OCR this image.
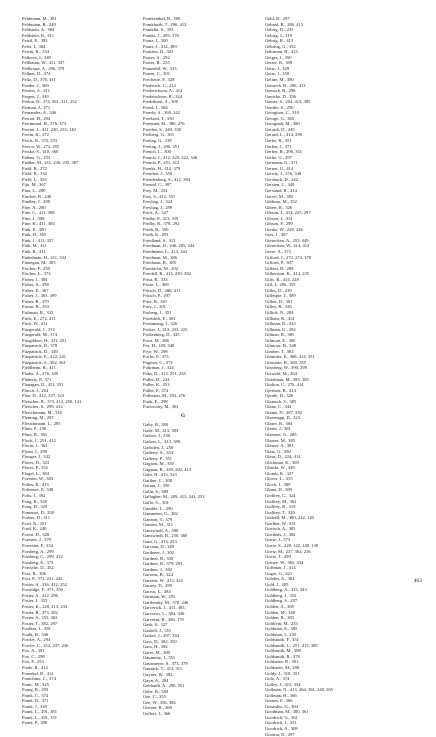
Feldmann, M., 381
Feldmann, R., 249
Feldstein, A., 384
Feldstein, R., 411
Feistl, E., 383
Felix, I., 384
Feicht, R., 334
Felkova, J., 349
Fellbaum, W., 411, 337
Fellhouse, A., 296, 379
Fellner, D., 374
Feltz, D., 370, 411
Fender, J., 300
Fenton, A., 411
Fergen, J., 349
Ferkin, D., 374, 361, 411, 252
Ferman, J., 271
Fernandes, A., 346
Ferrari, H., 294
Ferrimond, H., 376, 373
Ferrini, J., 411, 230, 233, 140
Ferrin, K., 372
Ferris, R., 372, 253
Fervor, W., 272, 255
Fetsko, S., 410, 360
Fidene, G., 253
Fiedler, M., 411, 236, 235, 387
Field, B., 272
Field, B., 332
Field, L., 353
Fiju, M., 367
Fina, L., 280
Fincher, B., 246
Findley, J., 298
Fine, A., 280
Fine, C., 411, 308
Fine, J., 308
Fine, K., 411, 383
Fink, E., 380
Fink, H., 365
Fink, J., 411, 337
Fink, M., 411
Fink, R., 411
Finkelman, H., 411, 332
Finnegan, M., 385
Fischer, F., 250
Fischer, L., 373
Fisher, J., 384
Fisher, A., 298
Fisher, E., 367
Fisher, J., 365, 399
Fisher, R., 370
Fiston, B., 353
Fishman, R., 332
Fitch, E., 272, 411
Fitch, W., 411
Fitzgerald, J., 374
Fitzgerald, M., 374
Fitzgibbon, H., 411, 251
Fitzpatrick, B., 378
Fitzpatrick, D., 349
Fitzpatrick, E., 222, 241
Fitzpatrick, S., 302, 361
Fjeldheim, R., 411
Flader, A., 276, 349
Flaherty, P., 371
Flanagan, D., 411, 351
Flasch, J., 264
Flax, D., 412, 337, 323
Fleischer, R., 373, 412, 250, 141
Fleischer, S., 299, 412
Fleischmann, M., 318
Fleming, M., 297
Flesichmann, L., 285
Flinn, P., 290
Flinn, R., 361
Flock, J., 291, 412
Florin, J., 363
Flynn, J., 298
Flooger, J., 332
Flores, D., 323
Flores, P., 332
Flugel, L., 384
Foerster, W., 384
Folles, R., 413
Foltmore, P., 348
Folts, J., 392
Fong, R., 328
Fong, D., 329
Fontenot, D., 350
Forbes, D., 311
Ford, N., 351
Ford, K., 240
Forest, D., 328
Forester, J., 379
Forrester, F., 334
Forsberg, A., 299
Forsberg, C., 299, 412
Forsberg, E., 373
Forsythe, D., 352
Foss, R., 306
Fost, P., 372, 231, 242
Foster, A., 336, 412, 252
Fostridge, F., 371, 350
Foster, A., 412, 296
Foster, J., 355
Foster, K., 228, 413, 233
Foster, R., 373, 382
Foster, S., 355, 363
Foster, T., 382, 297
Foulkes, I., 350
Foulk, B., 346
Fowler, A., 294
Fowler, C., 412, 237, 236
Fox, A., 381
Fox, C., 298
Fox, F., 253
Frade, R., 412
Fraenkel, R., 412
Franchino, C., 374
Franc, M., 325
Frang, R., 293
Frank, C., 374
Frank, D., 371
Frank, J., 349
Frank, L., 291, 381
Frank, L., 291, 331
Frank, P., 380
Frankenthal, B., 306
Frankfurth, T., 296, 412
Franklin, S., 353
Franks, J., 293, 378
Franz, J., 300
Franz, J., 412, 389
Franzen, D., 325
Fraser, A., 292
Fraser, R., 255
Fraunshil, W., 333
Frazer, C., 301
Frechette, P., 328
Frederick, C., 412
Frederickson, A., 412
Fredericksen, R., 324
Fredriksen, A., 300
Freed, J., 384
Freedy, A., 369, 242
Freeland, T., 350
Freeman, M., 386, 276
Freiden, S., 249, 330
Freiberg, G., 301
Freitag, G., 318
Freitag, J., 290, 351
French, L., 300
French, J., 412, 220, 222, 346
French, P., 251, 412
Frenks, H., 412, 379
Freuden, J., 350
Freudenberg, S., 412, 384
Freund, C., 387
Frey, M., 254
Frey, S., 412, 351
Freyhag, J., 324
Freyhag, J., 299
Frick, A., 327
Fridby, P., 413, 319
Fridby, R., 378, 292
Fridh, R., 350
Fridh, K., 291
Friedland, S., 413
Friedman, D., 246, 205, 244
Friedmann, L., 413, 343
Friedman, M., 386
Friedman, R., 385
Friedrichs, M., 292
Friedell, R., 413, 250, 382
Frisa, R., 333
Friste, L., 369
Fritsch, D., 286, 413
Fritsch, P., 297
Fritz, R., 301
Fritz, J., 301
Froberg, J., 351
Froehlich, E., 381
Frommang, J., 326
Froker, J., 413, 233, 225
Frokenberg, D., 325
Frost, M., 286
Fru, H., 249, 348
Frye, W., 298
Fuchs, F., 373
Fugimo, C., 372
Fuhrman, J., 324
Fuhs, D., 413, 251, 255
Fuller, D., 224
Fuller, K., 253
Fuller, P., 374
Fullerton, M., 293, 276
Funk, E., 298
Furlowsky, M., 381
G
Gaby, B., 380
Gade, M., 413, 383
Gadow, J., 350
Gadow, L., 413, 390
Gadsden, J., 250
Gaffney, A., 354
Gaffney, P., 351
Gagnon, M., 350
Gagnon, R., 249, 292, 413
Gahr, H., 413, 323
Gaither, C., 300
Gaitan, J., 350
Galin, S., 389
Gallagher, M., 209, 413, 244, 253
Gallo, G., 301
Gamble, L., 290
Gammeter, G., 382
Gannon, T., 379
Gansen, M., 311
Ganswindt, A., 390
Ganswindt, R., 250, 360
Gant, G., 413, 253
Garceau, D., 349
Gardener, J., 302
Gardner, B., 350
Gardner, R., 379, 293
Gardner, J., 382
Garrens, B., 324
Garrens, W., 413, 324
Garney, D., 299
Garrus, L., 384
Gartman, W., 255
Gardonsky, M., 378, 246
Garverick, J., 413, 383
Garvoros, L., 384, 346
Garverm, R., 366, 170
Gash, S., 327
Gaskell, J., 351
Gaskel, J., 297, 384
Gass, D., 382, 350
Gass, H., 382
Gates, M., 300
Gaumnitz, J., 351
Gausmeyer, S., 373, 379
Gaunich, T., 413, 311
Gayner, W., 382
Gayn, A., 284
Gebhardt, A., 290, 351
Gebe, B., 384
Gee, C., 355
Gee, W., 356, 384
Geesen, R., 369
Geffert, J., 366
Gehl, D., 297
Gehred, R., 286, 413
Gehrig, D., 233
Gehrig, J., 310
Gehrig, R., 413
Gehring, G., 352
Gehrman, H., 413
Geiger, J., 350
Geiser, R., 309
Geitz, J., 329
Geitz, J., 350
Geline, M., 380
Gemrich, B., 296, 413
Gemsch, R., 296
Genicke, D., 356
Genter, S., 264, 413, 385
Gentile, S., 250
Georgiton, C., 310
George, G., 385
Georgiadi, M., 380
Gerardi, D., 245
Gerard, L., 414, 299
Gerbe, R., 351
Gerber, J., 371
Gerber, R., 296, 351
Gerbe, G., 297
Germann, G., 371
Gerner, G., 414
Gerrity, J., 276, 349
Gersbach, D., 242
Gersten, L., 349
Gerstand, R., 414
Gervil, M., 385
Gibbons, M., 352
Gibert, R., 326
Gibson, J., 414, 225, 297
Gibson, J., 414
Gibson, P., 299
Gierke, W., 228, 226
Gies, J., 307
Giesecken, A., 255, 349
Giesecken, W., 414, 414
Giese, A., 373
Gifford, J., 273, 274, 378
Gifford, P., 307
Gilbert, R., 289
Gilbertson, K., 414, 235
Gilic, R., 414, 228
Gill, J., 296, 355
Gilles, D., 230
Gillespie, J., 389
Gillett, D., 301
Gilley, R., 326
Gillick, N., 284
Gilliam, B., 414
Gillman, D., 323
Gillman, G., 292
Gilman, R., 385
Gilmore, E., 300
Gilmour, H., 348
Gimber, T., 383
Gimmler, E., 368, 414, 351
Gimsone, B., 300, 355
Ginsberg, W., 390, 299
Giswold, M., 264
Gittelman, M., 385, 385
Giulton, C., 276, 414
Gjertsen, R., 414
Gjerde, D., 326
Glamsch, S., 385
Glanz, C., 344
Glantz, N., 287, 282
Glasenapp, D., 323
Glaser, R., 384
Glaser, J., 381
Glassner, G., 285
Glasser, M., 385
Glatzer, A., 381
Glatz, G., 350
Glaus, D., 224, 414
Glickman, K., 308
Glinski, W., 349
Glomb, K., 327
Glover, L., 355
Glock, J., 389
Glunz, D., 389
Godfrey, C., 324
Godfrey, M., 362
Godfrey, R., 319
Godfrey, T., 320
Godsell, M., 380, 242, 140
Goelker, W., 331
Goetsch, A., 385
Goethals, J., 384
Goetz, J., 373
Goetz, S., 228, 142, 140, 139
Goetz, M., 237, 362, 216
Goetz, T., 299
Goetze, W., 365, 334
Goffman, J., 414
Gogot, G., 421
Gohdes, A., 384
Gold, J., 285
Goldberg, A., 415, 343
Goldberg, J., 352
Goldberg, S., 297
Golden, A., 385
Golden, M., 348
Golden, R., 383
Goldfein, M., 235
Goldman, E., 385
Goldman, I., 230
Goldsmith, F., 351
Goldsmith, L., 251, 415, 385
Goldsmith, M., 388
Goldsmith, R., 378
Goldstein, R., 381
Goldstein, M., 298
Goldy, J., 318, 351
Golz, A., 374
Golley, J., 415, 334
Gollman, N., 413, 264, 361, 240, 265
Gollman, H., 366
Gomes, F., 366
Gonzalez, G., 304
Goodman, M., 380, 361
Goodrich, G., 361
Goodrich, J., 413
Goodrick, A., 308
Gordon, D., 297
463
